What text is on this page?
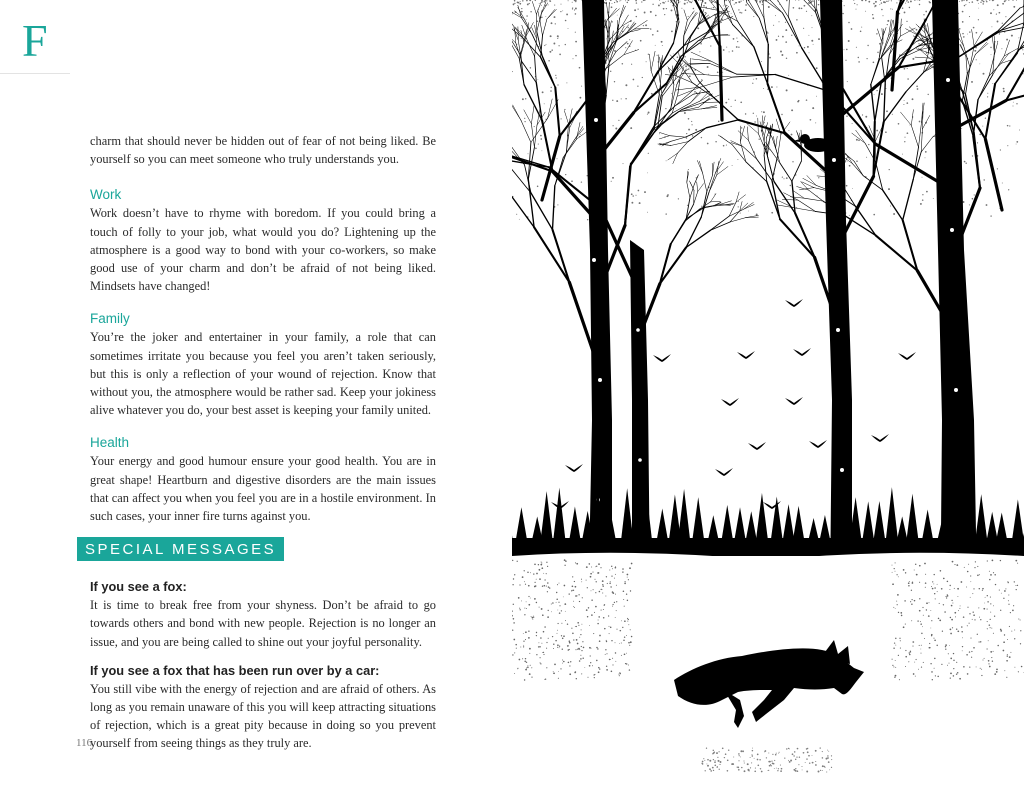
F

charm that should never be hidden out of fear of not being liked. Be yourself so you can meet someone who truly understands you.

Work

Work doesn’t have to rhyme with boredom. If you could bring a touch of folly to your job, what would you do? Lightening up the atmosphere is a good way to bond with your co-workers, so make good use of your charm and don’t be afraid of not being liked. Mindsets have changed!

Family

You’re the joker and entertainer in your family, a role that can sometimes irritate you because you feel you aren’t taken seriously, but this is only a reflection of your wound of rejection. Know that without you, the atmosphere would be rather sad. Keep your jokiness alive whatever you do, your best asset is keeping your family united.

Health

Your energy and good humour ensure your good health. You are in great shape! Heartburn and digestive disorders are the main issues that can affect you when you feel you are in a hostile environment. In such cases, your inner fire turns against you.

SPECIAL MESSAGES
If you see a fox:

It is time to break free from your shyness. Don’t be afraid to go towards others and bond with new people. Rejection is no longer an issue, and you are being called to shine out your joyful personality.

If you see a fox that has been run over by a car:

You still vibe with the energy of rejection and are afraid of others. As long as you remain unaware of this you will keep attracting situations of rejection, which is a great pity because in doing so you prevent yourself from seeing things as they truly are.

116
